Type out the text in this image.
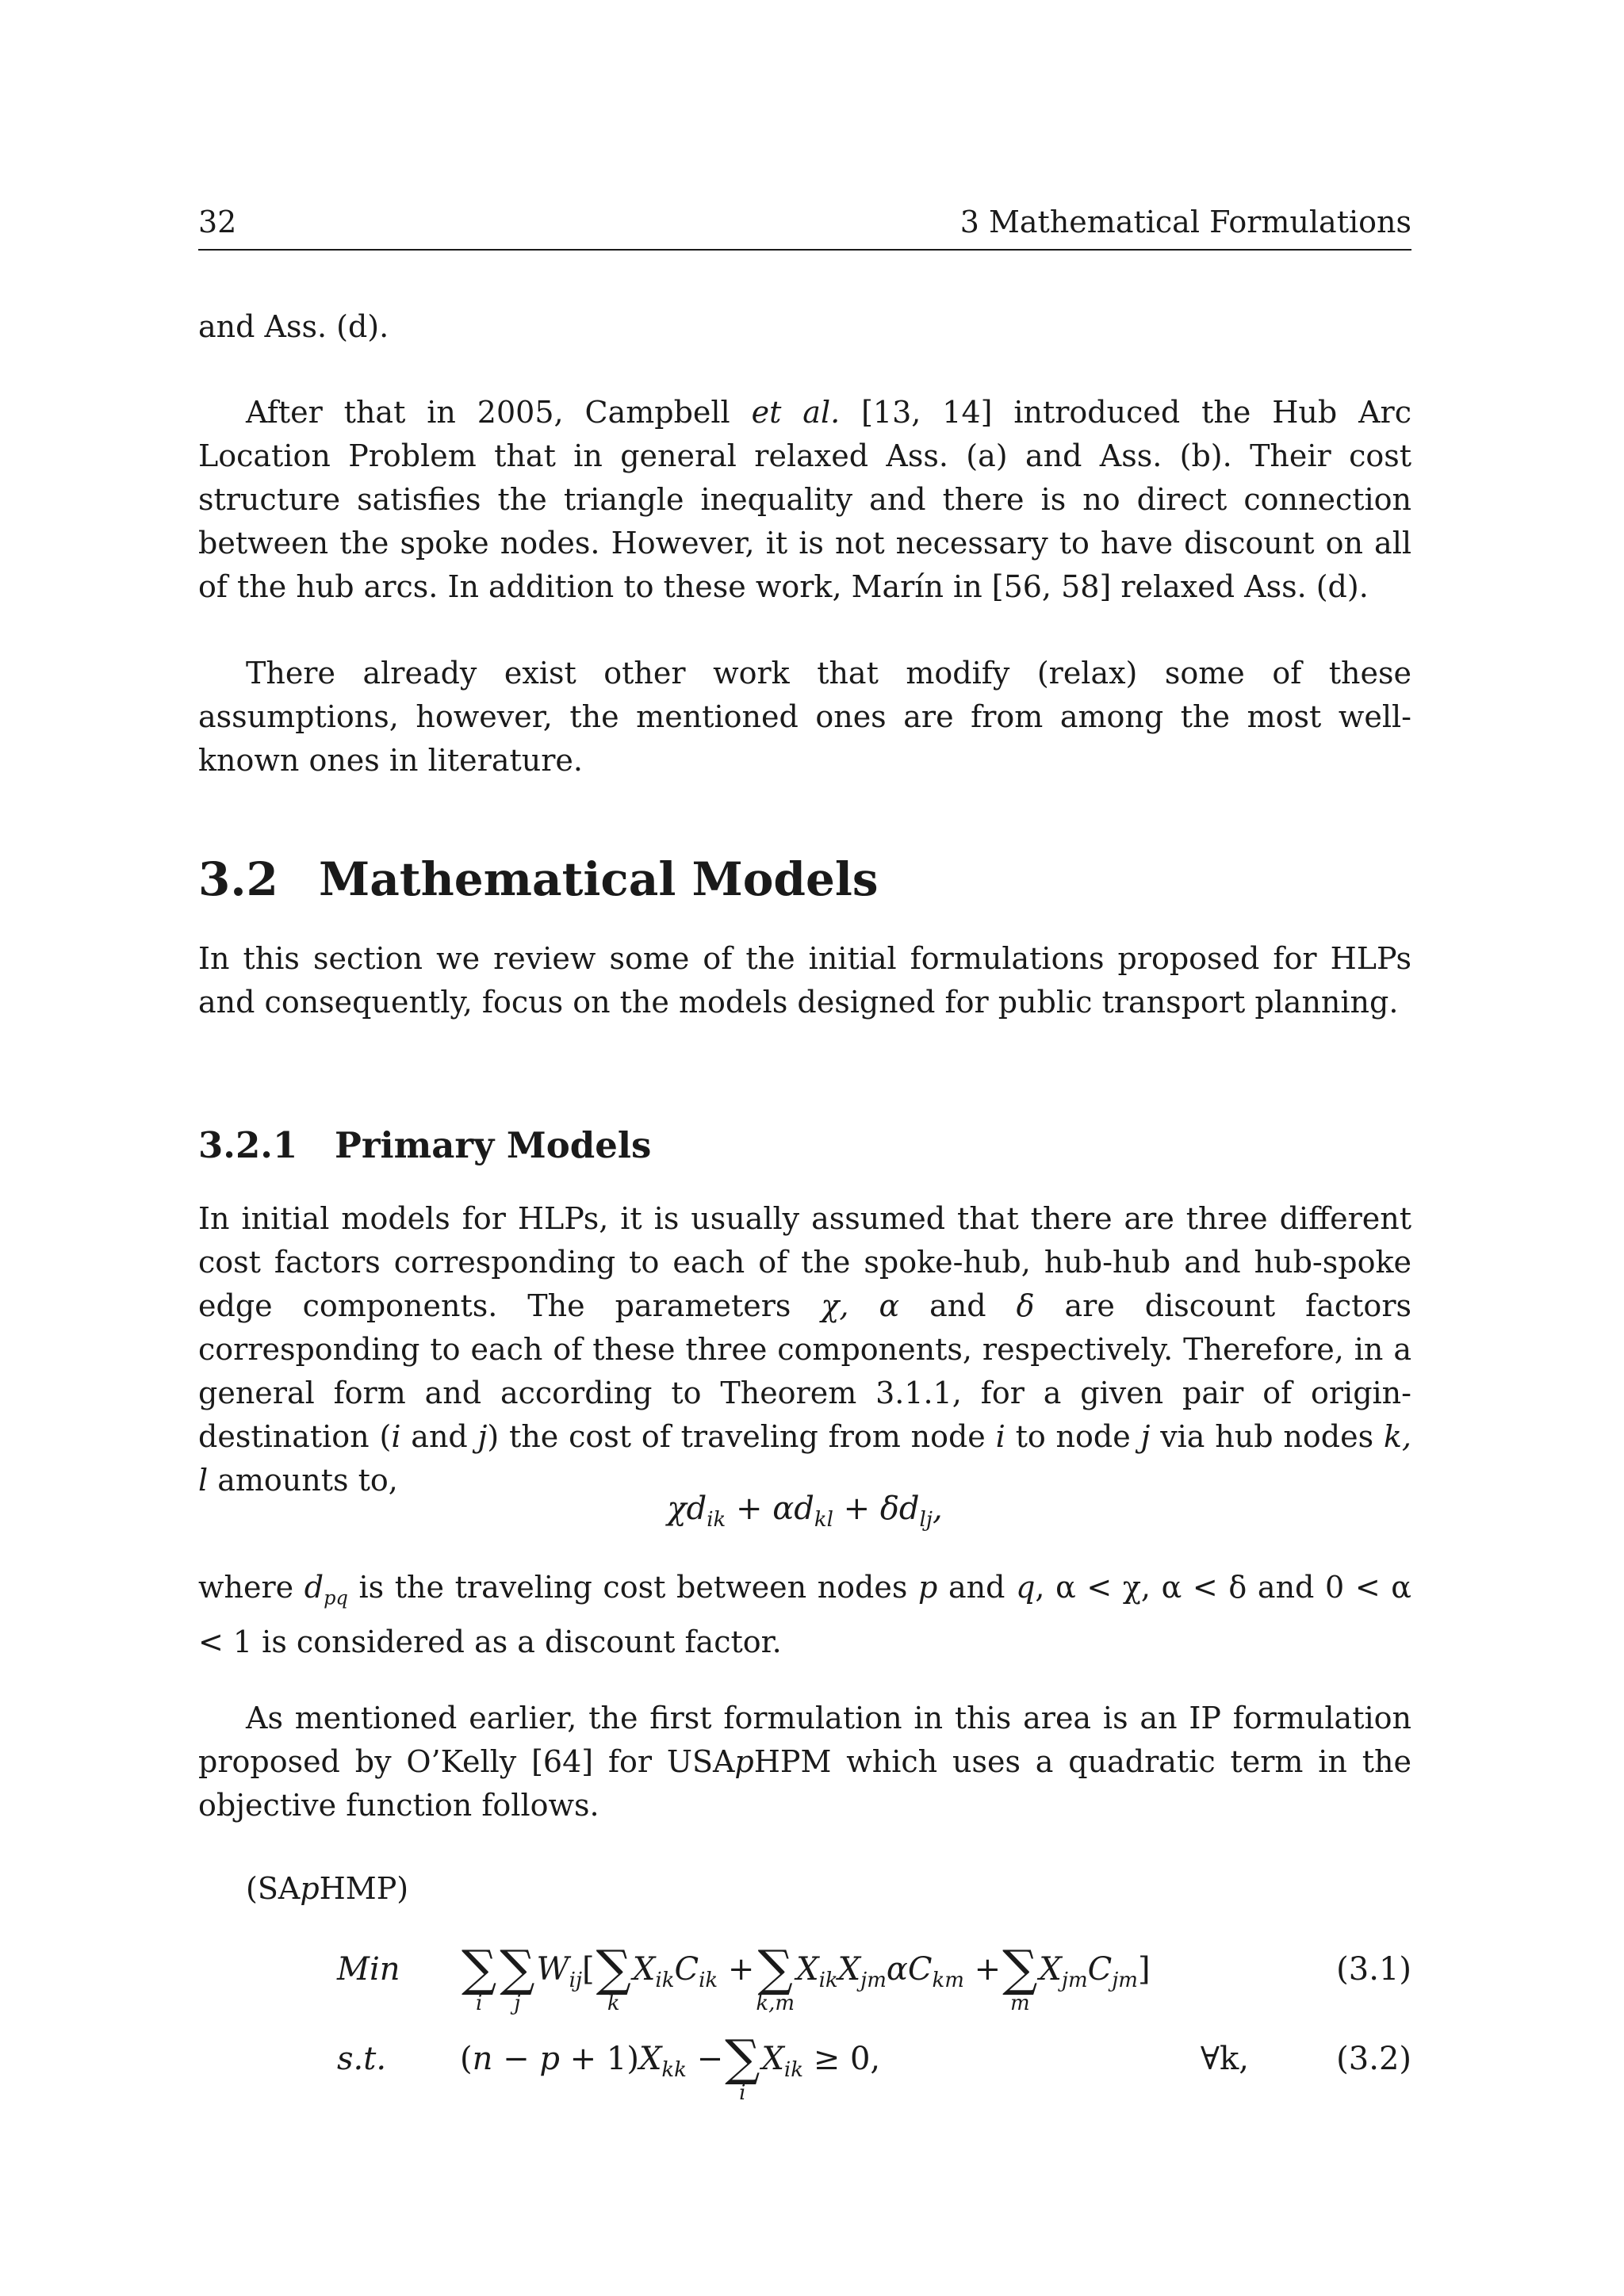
32	3 Mathematical Formulations

and Ass. (d).

After that in 2005, Campbell et al. [13, 14] introduced the Hub Arc Location Problem that in general relaxed Ass. (a) and Ass. (b). Their cost structure satisfies the triangle inequality and there is no direct connection between the spoke nodes. However, it is not necessary to have discount on all of the hub arcs. In addition to these work, Marín in [56, 58] relaxed Ass. (d).

There already exist other work that modify (relax) some of these assumptions, however, the mentioned ones are from among the most well-known ones in literature.

3.2 Mathematical Models

In this section we review some of the initial formulations proposed for HLPs and consequently, focus on the models designed for public transport planning.

3.2.1	Primary Models

In initial models for HLPs, it is usually assumed that there are three different cost factors corresponding to each of the spoke-hub, hub-hub and hub-spoke edge components. The parameters χ, α and δ are discount factors corresponding to each of these three components, respectively. Therefore, in a general form and according to Theorem 3.1.1, for a given pair of origin-destination (i and j) the cost of traveling from node i to node j via hub nodes k, l amounts to,

$\chi d_{ik} + \alpha d_{kl} + \delta d_{lj}$,

where $d_{pq}$ is the traveling cost between nodes p and q, α < χ, α < δ and 0 < α < 1 is considered as a discount factor.

As mentioned earlier, the first formulation in this area is an IP formulation proposed by O’Kelly [64] for USApHPM which uses a quadratic term in the objective function follows.

(SApHMP)
Min ∑
i
∑
j
$W_{ij}$[ ∑
k
$X_{ik}C_{ik}$ + ∑
k,m
$X_{ik}X_{jm}\alpha C_{km}$ + ∑
m
$X_{jm}C_{jm}$]	(3.1)
s.t. $(n - p + 1)X_{kk}$ − ∑
i
$X_{ik} \ge 0$,	∀k,	(3.2)
